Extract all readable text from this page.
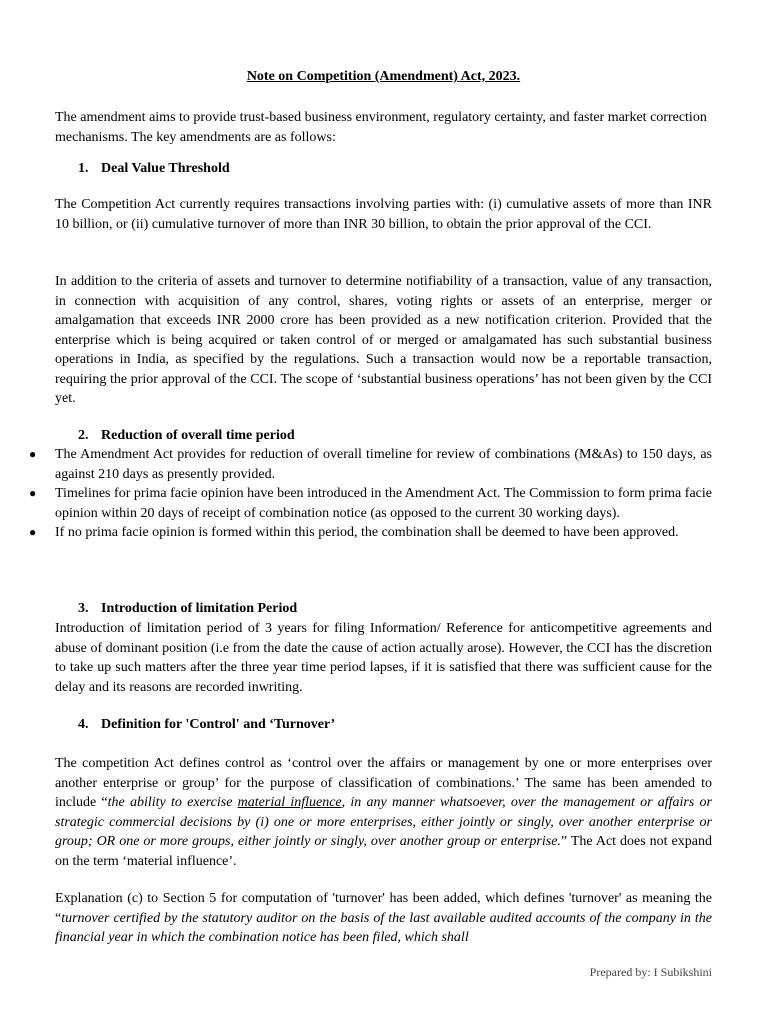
Note on Competition (Amendment) Act, 2023.
The amendment aims to provide trust-based business environment, regulatory certainty, and faster market correction mechanisms. The key amendments are as follows:
1. Deal Value Threshold
The Competition Act currently requires transactions involving parties with: (i) cumulative assets of more than INR 10 billion, or (ii) cumulative turnover of more than INR 30 billion, to obtain the prior approval of the CCI.
In addition to the criteria of assets and turnover to determine notifiability of a transaction, value of any transaction, in connection with acquisition of any control, shares, voting rights or assets of an enterprise, merger or amalgamation that exceeds INR 2000 crore has been provided as a new notification criterion. Provided that the enterprise which is being acquired or taken control of or merged or amalgamated has such substantial business operations in India, as specified by the regulations. Such a transaction would now be a reportable transaction, requiring the prior approval of the CCI. The scope of ‘substantial business operations’ has not been given by the CCI yet.
2. Reduction of overall time period
● The Amendment Act provides for reduction of overall timeline for review of combinations (M&As) to 150 days, as against 210 days as presently provided.
● Timelines for prima facie opinion have been introduced in the Amendment Act. The Commission to form prima facie opinion within 20 days of receipt of combination notice (as opposed to the current 30 working days).
● If no prima facie opinion is formed within this period, the combination shall be deemed to have been approved.
3. Introduction of limitation Period
Introduction of limitation period of 3 years for filing Information/ Reference for anticompetitive agreements and abuse of dominant position (i.e from the date the cause of action actually arose). However, the CCI has the discretion to take up such matters after the three year time period lapses, if it is satisfied that there was sufficient cause for the delay and its reasons are recorded inwriting.
4. Definition for 'Control' and ‘Turnover’
The competition Act defines control as ‘control over the affairs or management by one or more enterprises over another enterprise or group’ for the purpose of classification of combinations.’ The same has been amended to include “the ability to exercise material influence, in any manner whatsoever, over the management or affairs or strategic commercial decisions by (i) one or more enterprises, either jointly or singly, over another enterprise or group; OR one or more groups, either jointly or singly, over another group or enterprise.” The Act does not expand on the term ‘material influence’.
Explanation (c) to Section 5 for computation of 'turnover' has been added, which defines 'turnover' as meaning the “turnover certified by the statutory auditor on the basis of the last available audited accounts of the company in the financial year in which the combination notice has been filed, which shall
Prepared by: I Subikshini
